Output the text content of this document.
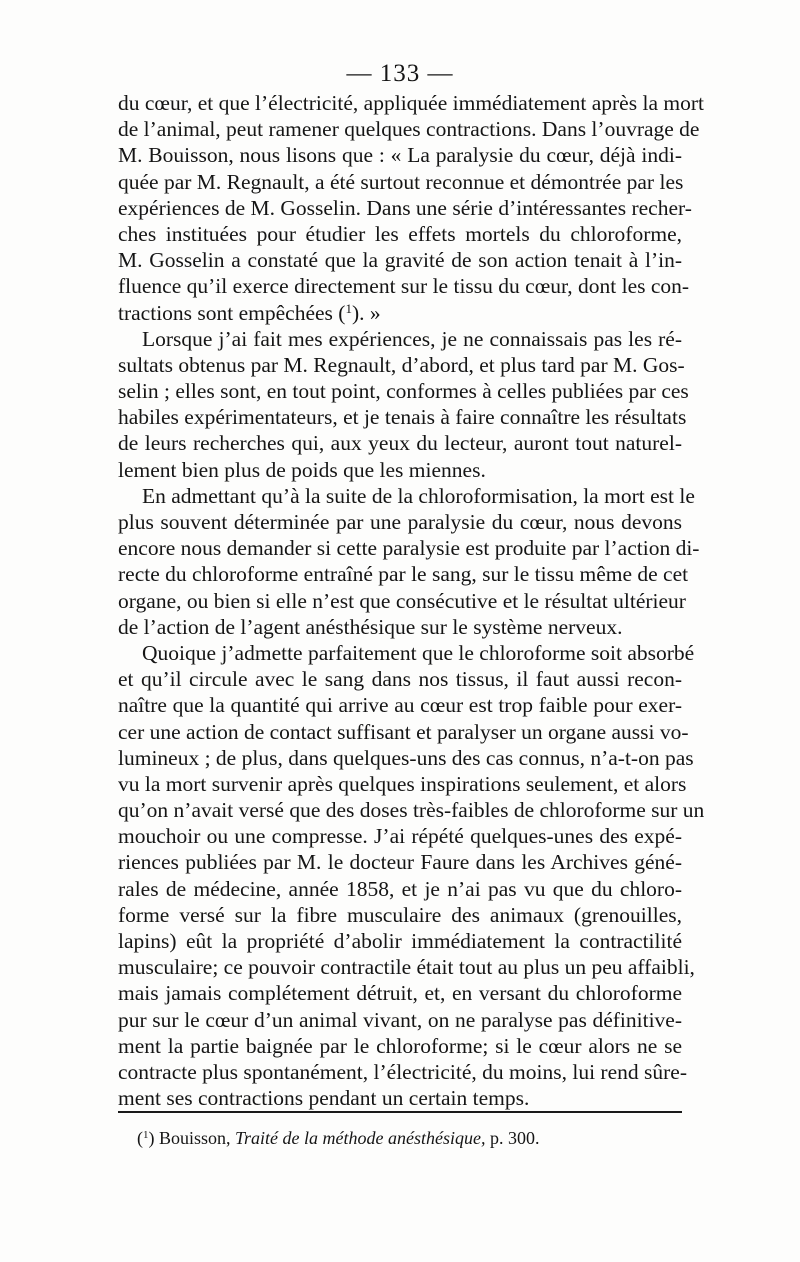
— 133 —
du cœur, et que l’électricité, appliquée immédiatement après la mort
de l’animal, peut ramener quelques contractions. Dans l’ouvrage de
M. Bouisson, nous lisons que : « La paralysie du cœur, déjà indi-
quée par M. Regnault, a été surtout reconnue et démontrée par les
expériences de M. Gosselin. Dans une série d’intéressantes recher-
ches instituées pour étudier les effets mortels du chloroforme,
M. Gosselin a constaté que la gravité de son action tenait à l’in-
fluence qu’il exerce directement sur le tissu du cœur, dont les con-
tractions sont empêchées ($^1$). »
Lorsque j’ai fait mes expériences, je ne connaissais pas les ré-
sultats obtenus par M. Regnault, d’abord, et plus tard par M. Gos-
selin ; elles sont, en tout point, conformes à celles publiées par ces
habiles expérimentateurs, et je tenais à faire connaître les résultats
de leurs recherches qui, aux yeux du lecteur, auront tout naturel-
lement bien plus de poids que les miennes.
En admettant qu’à la suite de la chloroformisation, la mort est le
plus souvent déterminée par une paralysie du cœur, nous devons
encore nous demander si cette paralysie est produite par l’action di-
recte du chloroforme entraîné par le sang, sur le tissu même de cet
organe, ou bien si elle n’est que consécutive et le résultat ultérieur
de l’action de l’agent anésthésique sur le système nerveux.
Quoique j’admette parfaitement que le chloroforme soit absorbé
et qu’il circule avec le sang dans nos tissus, il faut aussi recon-
naître que la quantité qui arrive au cœur est trop faible pour exer-
cer une action de contact suffisant et paralyser un organe aussi vo-
lumineux ; de plus, dans quelques-uns des cas connus, n’a-t-on pas
vu la mort survenir après quelques inspirations seulement, et alors
qu’on n’avait versé que des doses très-faibles de chloroforme sur un
mouchoir ou une compresse. J’ai répété quelques-unes des expé-
riences publiées par M. le docteur Faure dans les Archives géné-
rales de médecine, année 1858, et je n’ai pas vu que du chloro-
forme versé sur la fibre musculaire des animaux (grenouilles,
lapins) eût la propriété d’abolir immédiatement la contractilité
musculaire; ce pouvoir contractile était tout au plus un peu affaibli,
mais jamais complétement détruit, et, en versant du chloroforme
pur sur le cœur d’un animal vivant, on ne paralyse pas définitive-
ment la partie baignée par le chloroforme; si le cœur alors ne se
contracte plus spontanément, l’électricité, du moins, lui rend sûre-
ment ses contractions pendant un certain temps.
($^1$) Bouisson, Traité de la méthode anésthésique, p. 300.
